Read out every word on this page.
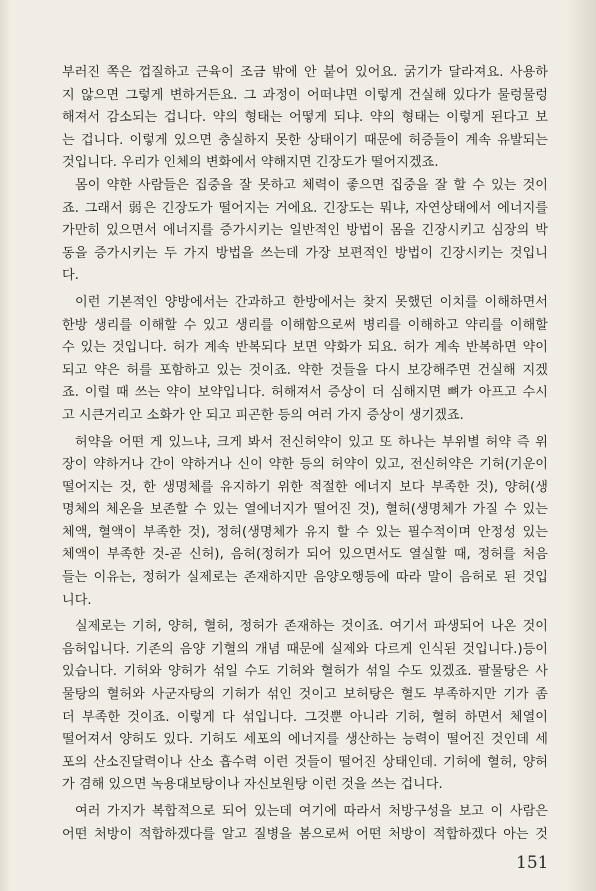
부러진 쪽은 껍질하고 근육이 조금 밖에 안 붙어 있어요. 굵기가 달라져요. 사용하
지 않으면 그렇게 변하거든요. 그 과정이 어떠냐면 이렇게 건실해 있다가 물렁물렁
해져서 감소되는 겁니다. 약의 형태는 어떻게 되냐. 약의 형태는 이렇게 된다고 보
는 겁니다. 이렇게 있으면 충실하지 못한 상태이기 때문에 허증들이 계속 유발되는
것입니다. 우리가 인체의 변화에서 약해지면 긴장도가 떨어지겠죠.
몸이 약한 사람들은 집중을 잘 못하고 체력이 좋으면 집중을 잘 할 수 있는 것이
죠. 그래서 弱은 긴장도가 떨어지는 거에요. 긴장도는 뭐냐, 자연상태에서 에너지를
가만히 있으면서 에너지를 증가시키는 일반적인 방법이 몸을 긴장시키고 심장의 박
동을 증가시키는 두 가지 방법을 쓰는데 가장 보편적인 방법이 긴장시키는 것입니
다.
이런 기본적인 양방에서는 간과하고 한방에서는 찾지 못했던 이치를 이해하면서
한방 생리를 이해할 수 있고 생리를 이해함으로써 병리를 이해하고 약리를 이해할
수 있는 것입니다. 허가 계속 반복되다 보면 약화가 되요. 허가 계속 반복하면 약이
되고 약은 허를 포함하고 있는 것이죠. 약한 것들을 다시 보강해주면 건실해 지겠
죠. 이럴 때 쓰는 약이 보약입니다. 허해져서 증상이 더 심해지면 뼈가 아프고 수시
고 시큰거리고 소화가 안 되고 피곤한 등의 여러 가지 증상이 생기겠죠.
허약을 어떤 게 있느냐, 크게 봐서 전신허약이 있고 또 하나는 부위별 허약 즉 위
장이 약하거나 간이 약하거나 신이 약한 등의 허약이 있고, 전신허약은 기허(기운이
떨어지는 것, 한 생명체를 유지하기 위한 적절한 에너지 보다 부족한 것), 양허(생
명체의 체온을 보존할 수 있는 열에너지가 떨어진 것), 혈허(생명체가 가질 수 있는
체액, 혈액이 부족한 것), 정허(생명체가 유지 할 수 있는 필수적이며 안정성 있는
체액이 부족한 것-곧 신허), 음허(정허가 되어 있으면서도 열실할 때, 정허를 처음
들는 이유는, 정허가 실제로는 존재하지만 음양오행등에 따라 말이 음허로 된 것입
니다.
실제로는 기허, 양허, 혈허, 정허가 존재하는 것이죠. 여기서 파생되어 나온 것이
음허입니다. 기존의 음양 기혈의 개념 때문에 실제와 다르게 인식된 것입니다.)등이
있습니다. 기허와 양허가 섞일 수도 기허와 혈허가 섞일 수도 있겠죠. 팔물탕은 사
물탕의 혈허와 사군자탕의 기허가 섞인 것이고 보허탕은 혈도 부족하지만 기가 좀
더 부족한 것이죠. 이렇게 다 섞입니다. 그것뿐 아니라 기허, 혈허 하면서 체열이
떨어져서 양허도 있다. 기허도 세포의 에너지를 생산하는 능력이 떨어진 것인데 세
포의 산소진달력이나 산소 흡수력 이런 것들이 떨어진 상태인데. 기허에 혈허, 양허
가 겸해 있으면 녹용대보탕이나 자신보원탕 이런 것을 쓰는 겁니다.
여러 가지가 복합적으로 되어 있는데 여기에 따라서 처방구성을 보고 이 사람은
어떤 처방이 적합하겠다를 알고 질병을 봄으로써 어떤 처방이 적합하겠다 아는 것
151
